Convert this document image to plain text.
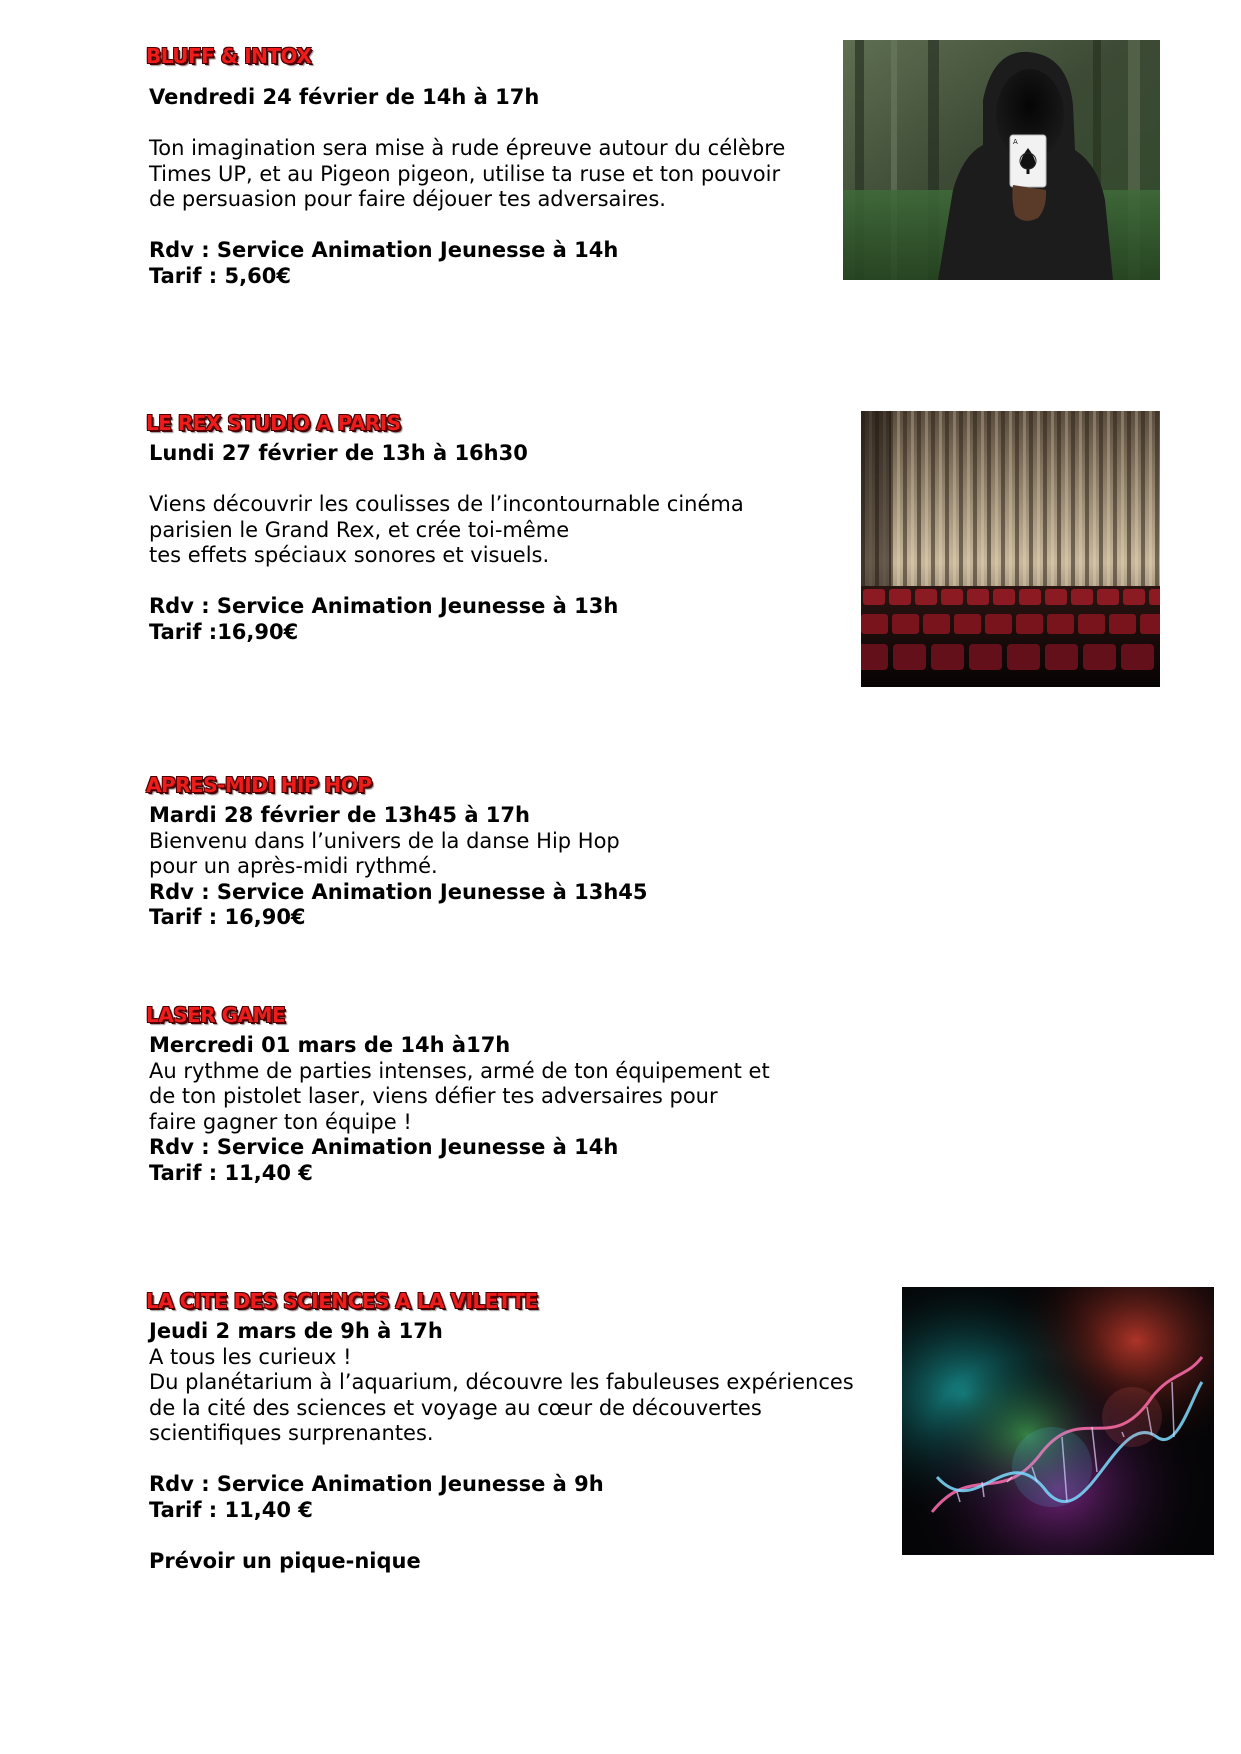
BLUFF & INTOX
Vendredi 24 février de 14h à 17h
Ton imagination sera mise à rude épreuve autour du célèbre
Times UP, et au Pigeon pigeon, utilise ta ruse et ton pouvoir
de persuasion pour faire déjouer tes adversaires.
Rdv : Service Animation Jeunesse à 14h
Tarif : 5,60€
A
LE REX STUDIO A PARIS
Lundi 27 février de 13h à 16h30
Viens découvrir les coulisses de l’incontournable cinéma
parisien le Grand Rex, et crée toi-même
tes effets spéciaux sonores et visuels.
Rdv : Service Animation Jeunesse à 13h
Tarif :16,90€
APRES-MIDI HIP HOP
Mardi 28 février de 13h45 à 17h
Bienvenu dans l’univers de la danse Hip Hop
pour un après-midi rythmé.
Rdv : Service Animation Jeunesse à 13h45
Tarif : 16,90€
LASER GAME
Mercredi 01 mars de 14h à17h
Au rythme de parties intenses, armé de ton équipement et
de ton pistolet laser, viens défier tes adversaires pour
faire gagner ton équipe !
Rdv : Service Animation Jeunesse à 14h
Tarif : 11,40 €
LA CITE DES SCIENCES A LA VILETTE
Jeudi 2 mars de 9h à 17h
A tous les curieux !
Du planétarium à l’aquarium, découvre les fabuleuses expériences
de la cité des sciences et voyage au cœur de découvertes
scientifiques surprenantes.
Rdv : Service Animation Jeunesse à 9h
Tarif : 11,40 €
Prévoir un pique-nique
